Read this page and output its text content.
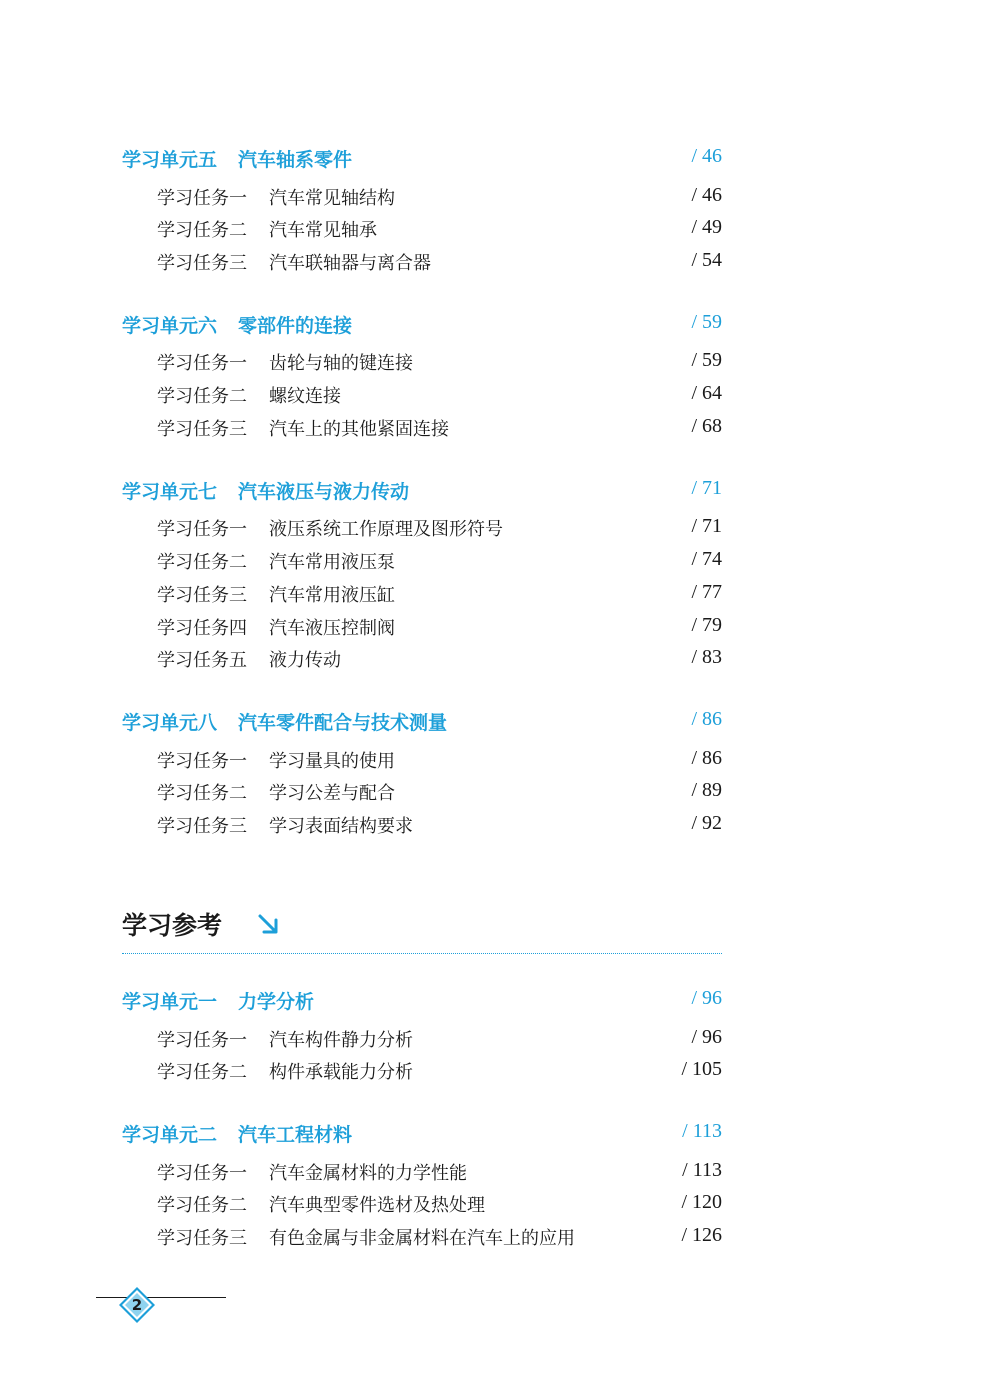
学习单元五 汽车轴系零件	/ 46
学习任务一 汽车常见轴结构	/ 46
学习任务二 汽车常见轴承	/ 49
学习任务三 汽车联轴器与离合器	/ 54
学习单元六 零部件的连接	/ 59
学习任务一 齿轮与轴的键连接	/ 59
学习任务二 螺纹连接	/ 64
学习任务三 汽车上的其他紧固连接	/ 68
学习单元七 汽车液压与液力传动	/ 71
学习任务一 液压系统工作原理及图形符号	/ 71
学习任务二 汽车常用液压泵	/ 74
学习任务三 汽车常用液压缸	/ 77
学习任务四 汽车液压控制阀	/ 79
学习任务五 液力传动	/ 83
学习单元八 汽车零件配合与技术测量	/ 86
学习任务一 学习量具的使用	/ 86
学习任务二 学习公差与配合	/ 89
学习任务三 学习表面结构要求	/ 92
学习参考
学习单元一 力学分析	/ 96
学习任务一 汽车构件静力分析	/ 96
学习任务二 构件承载能力分析	/ 105
学习单元二 汽车工程材料	/ 113
学习任务一 汽车金属材料的力学性能	/ 113
学习任务二 汽车典型零件选材及热处理	/ 120
学习任务三 有色金属与非金属材料在汽车上的应用	/ 126
2
